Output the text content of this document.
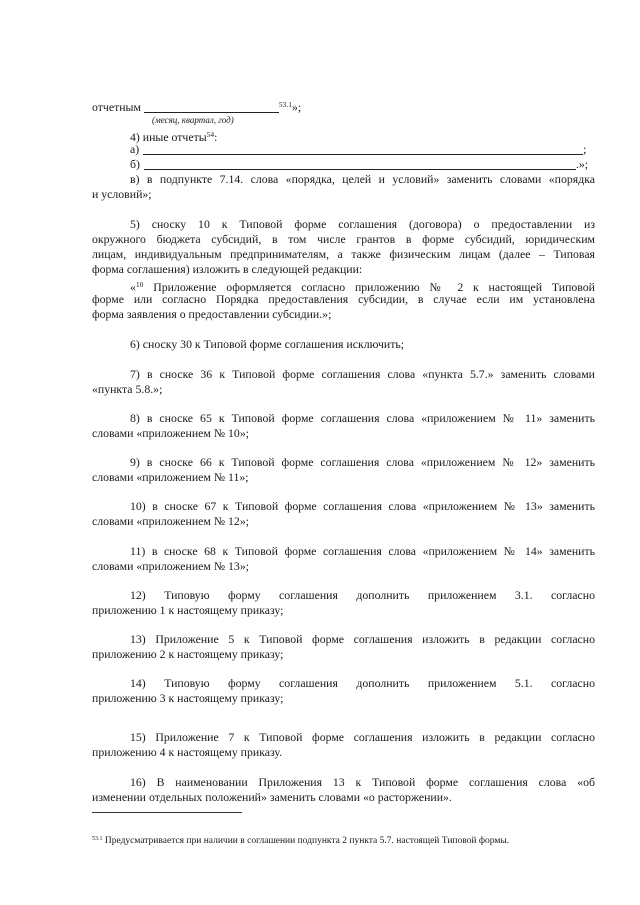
отчетным	$^{53.1}$»;
(месяц, квартал, год)
4) иные отчеты$^{54}$:
а)	;
б)	.»;
в) в подпункте 7.14. слова «порядка, целей и условий» заменить словами «порядка
и условий»;
5) сноску 10 к Типовой форме соглашения (договора) о предоставлении из
окружного бюджета субсидий, в том числе грантов в форме субсидий, юридическим
лицам, индивидуальным предпринимателям, а также физическим лицам (далее – Типовая
форма соглашения) изложить в следующей редакции:
«$^{10}$ Приложение оформляется согласно приложению № 2 к настоящей Типовой
форме или согласно Порядка предоставления субсидии, в случае если им установлена
форма заявления о предоставлении субсидии.»;
6) сноску 30 к Типовой форме соглашения исключить;
7) в сноске 36 к Типовой форме соглашения слова «пункта 5.7.» заменить словами
«пункта 5.8.»;
8) в сноске 65 к Типовой форме соглашения слова «приложением № 11» заменить
словами «приложением № 10»;
9) в сноске 66 к Типовой форме соглашения слова «приложением № 12» заменить
словами «приложением № 11»;
10) в сноске 67 к Типовой форме соглашения слова «приложением № 13» заменить
словами «приложением № 12»;
11) в сноске 68 к Типовой форме соглашения слова «приложением № 14» заменить
словами «приложением № 13»;
12) Типовую форму соглашения дополнить приложением 3.1. согласно
приложению 1 к настоящему приказу;
13) Приложение 5 к Типовой форме соглашения изложить в редакции согласно
приложению 2 к настоящему приказу;
14) Типовую форму соглашения дополнить приложением 5.1. согласно
приложению 3 к настоящему приказу;
15) Приложение 7 к Типовой форме соглашения изложить в редакции согласно
приложению 4 к настоящему приказу.
16) В наименовании Приложения 13 к Типовой форме соглашения слова «об
изменении отдельных положений» заменить словами «о расторжении».
$^{53.1}$ Предусматривается при наличии в соглашении подпункта 2 пункта 5.7. настоящей Типовой формы.
